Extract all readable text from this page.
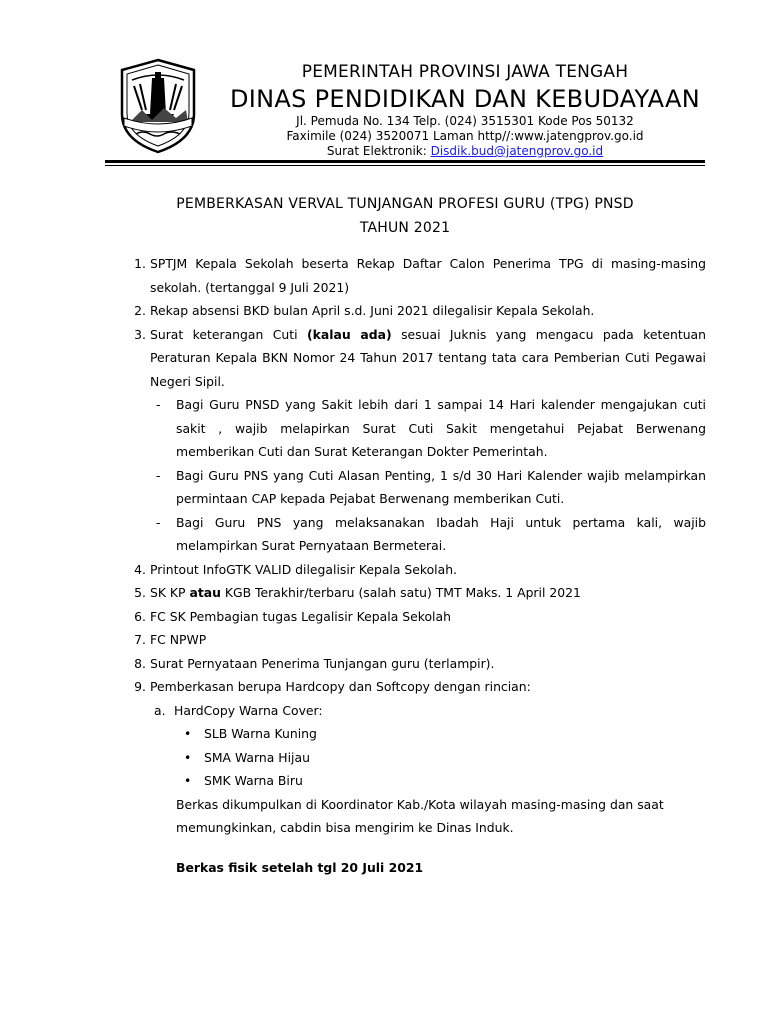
PEMERINTAH PROVINSI JAWA TENGAH
DINAS PENDIDIKAN DAN KEBUDAYAAN
Jl. Pemuda No. 134 Telp. (024) 3515301 Kode Pos 50132
Faximile (024) 3520071 Laman http//:www.jatengprov.go.id
Surat Elektronik: Disdik.bud@jatengprov.go.id
PEMBERKASAN VERVAL TUNJANGAN PROFESI GURU (TPG) PNSD
TAHUN 2021
1. SPTJM Kepala Sekolah beserta Rekap Daftar Calon Penerima TPG di masing-masing sekolah. (tertanggal 9 Juli 2021)
2. Rekap absensi BKD bulan April s.d. Juni 2021 dilegalisir Kepala Sekolah.
3. Surat keterangan Cuti (kalau ada) sesuai Juknis yang mengacu pada ketentuan Peraturan Kepala BKN Nomor 24 Tahun 2017 tentang tata cara Pemberian Cuti Pegawai Negeri Sipil.
- Bagi Guru PNSD yang Sakit lebih dari 1 sampai 14 Hari kalender mengajukan cuti sakit , wajib melapirkan Surat Cuti Sakit mengetahui Pejabat Berwenang memberikan Cuti dan Surat Keterangan Dokter Pemerintah.
- Bagi Guru PNS yang Cuti Alasan Penting, 1 s/d 30 Hari Kalender wajib melampirkan permintaan CAP kepada Pejabat Berwenang memberikan Cuti.
- Bagi Guru PNS yang melaksanakan Ibadah Haji untuk pertama kali, wajib melampirkan Surat Pernyataan Bermeterai.
4. Printout InfoGTK VALID dilegalisir Kepala Sekolah.
5. SK KP atau KGB Terakhir/terbaru (salah satu) TMT Maks. 1 April 2021
6. FC SK Pembagian tugas Legalisir Kepala Sekolah
7. FC NPWP
8. Surat Pernyataan Penerima Tunjangan guru (terlampir).
9. Pemberkasan berupa Hardcopy dan Softcopy dengan rincian:
a. HardCopy Warna Cover:
• SLB Warna Kuning
• SMA Warna Hijau
• SMK Warna Biru
Berkas dikumpulkan di Koordinator Kab./Kota wilayah masing-masing dan saat memungkinkan, cabdin bisa mengirim ke Dinas Induk.
Berkas fisik setelah tgl 20 Juli 2021
